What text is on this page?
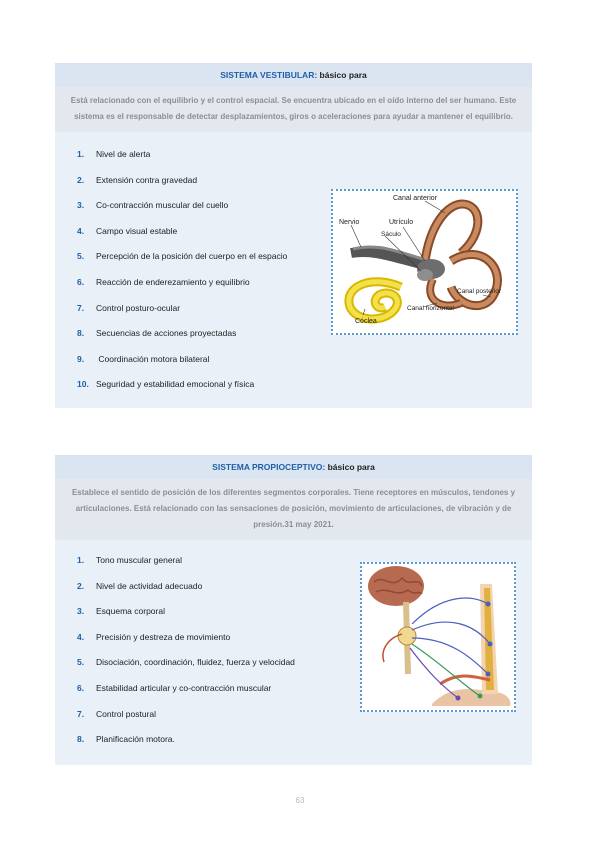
SISTEMA VESTIBULAR: básico para
Está relacionado con el equilibrio y el control espacial. Se encuentra ubicado en el oído interno del ser humano. Este sistema es el responsable de detectar desplazamientos, giros o aceleraciones para ayudar a mantener el equilibrio.
1. Nivel de alerta
2. Extensión contra gravedad
3. Co-contracción muscular del cuello
4. Campo visual estable
5. Percepción de la posición del cuerpo en el espacio
6. Reacción de enderezamiento y equilibrio
7. Control posturo-ocular
8. Secuencias de acciones proyectadas
9. Coordinación motora bilateral
10. Seguridad y estabilidad emocional y física
Nervio	Utrículo
Sáculo
Canal anterior
Canal posterior
Canal horizontal
Cóclea
SISTEMA PROPIOCEPTIVO: básico para
Establece el sentido de posición de los diferentes segmentos corporales. Tiene receptores en músculos, tendones y articulaciones. Está relacionado con las sensaciones de posición, movimiento de articulaciones, de vibración y de presión.31 may 2021.
1. Tono muscular general
2. Nivel de actividad adecuado
3. Esquema corporal
4. Precisión y destreza de movimiento
5. Disociación, coordinación, fluidez, fuerza y velocidad
6. Estabilidad articular y co-contracción muscular
7. Control postural
8. Planificación motora.
63
